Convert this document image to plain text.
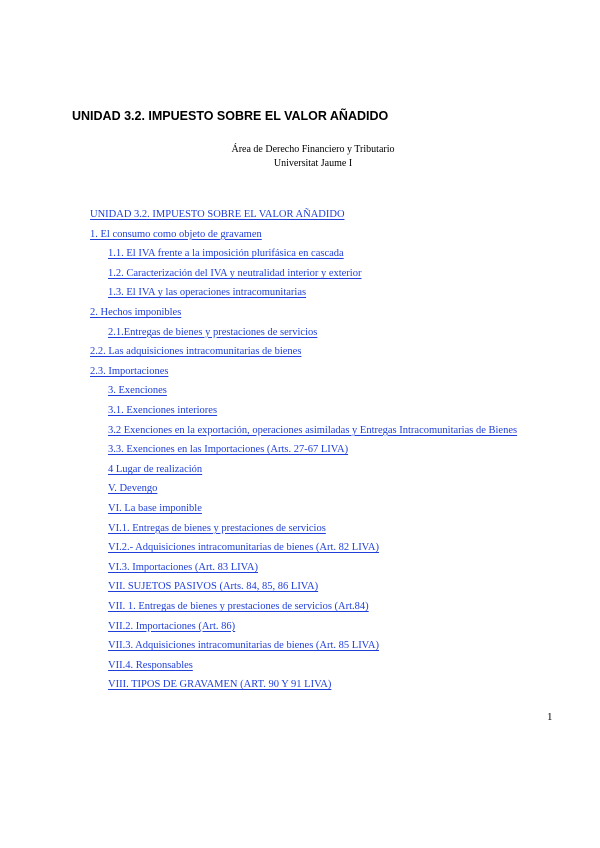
UNIDAD 3.2. IMPUESTO SOBRE EL VALOR AÑADIDO
Área de Derecho Financiero y Tributario
Universitat Jaume I
UNIDAD 3.2. IMPUESTO SOBRE EL VALOR AÑADIDO
1. El consumo como objeto de gravamen
1.1. El IVA frente a la imposición plurifásica en cascada
1.2. Caracterización del IVA y neutralidad interior y exterior
1.3. El IVA y las operaciones intracomunitarias
2. Hechos imponibles
2.1.Entregas de bienes y prestaciones de servicios
2.2. Las adquisiciones intracomunitarias de bienes
2.3. Importaciones
3. Exenciones
3.1. Exenciones interiores
3.2 Exenciones en la exportación, operaciones asimiladas y Entregas Intracomunitarias de Bienes
3.3. Exenciones en las Importaciones (Arts. 27-67 LIVA)
4 Lugar de realización
V. Devengo
VI. La base imponible
VI.1. Entregas de bienes y prestaciones de servicios
VI.2.- Adquisiciones intracomunitarias de bienes (Art. 82 LIVA)
VI.3. Importaciones (Art. 83 LIVA)
VII. SUJETOS PASIVOS (Arts. 84, 85, 86 LIVA)
VII. 1. Entregas de bienes y prestaciones de servicios (Art.84)
VII.2. Importaciones (Art. 86)
VII.3. Adquisiciones intracomunitarias de bienes (Art. 85 LIVA)
VII.4. Responsables
VIII. TIPOS DE GRAVAMEN (ART. 90 Y 91 LIVA)
1
